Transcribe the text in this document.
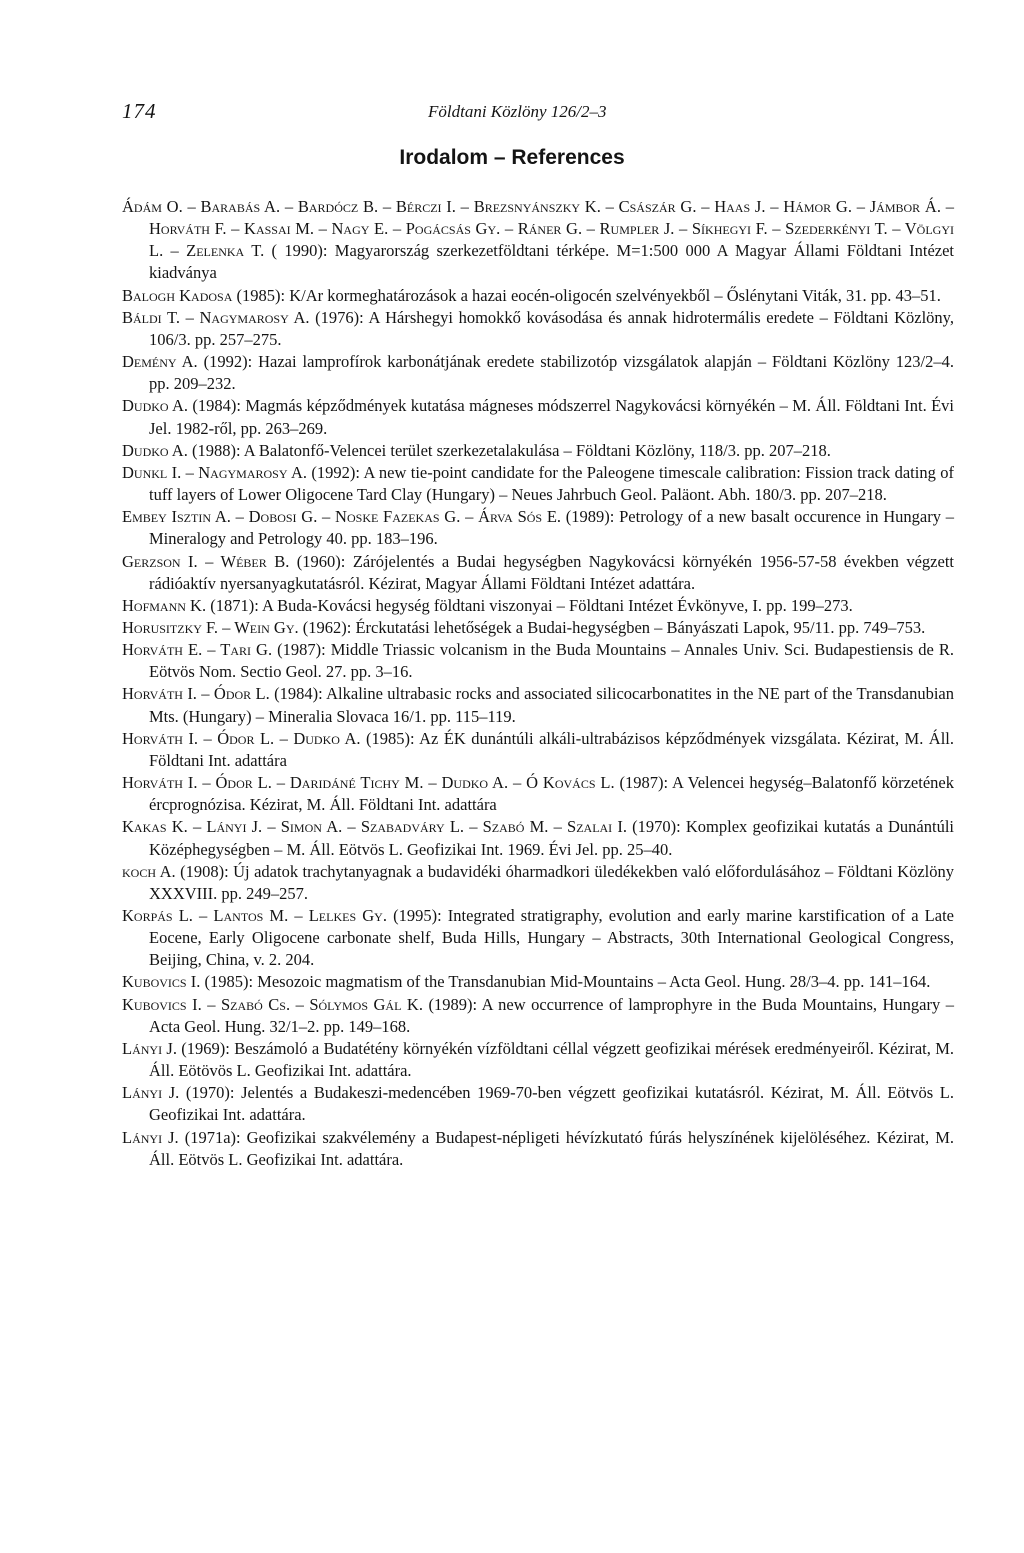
174	Földtani Közlöny 126/2–3
Irodalom – References

Ádám O. – Barabás A. – Bardócz B. – Bérczi I. – Brezsnyánszky K. – Császár G. – Haas J. – Hámor G. – Jámbor Á. – Horváth F. – Kassai M. – Nagy E. – Pogácsás Gy. – Ráner G. – Rumpler J. – Síkhegyi F. – Szederkényi T. – Völgyi L. – Zelenka T. ( 1990): Magyarország szerkezetföldtani térképe. M=1:500 000 A Magyar Állami Földtani Intézet kiadványa

Balogh Kadosa (1985): K/Ar kormeghatározások a hazai eocén-oligocén szelvényekből – Őslénytani Viták, 31. pp. 43–51.

Báldi T. – Nagymarosy A. (1976): A Hárshegyi homokkő kovásodása és annak hidrotermális eredete – Földtani Közlöny, 106/3. pp. 257–275.

Demény A. (1992): Hazai lamprofírok karbonátjának eredete stabilizotóp vizsgálatok alapján – Földtani Közlöny 123/2–4. pp. 209–232.

Dudko A. (1984): Magmás képződmények kutatása mágneses módszerrel Nagykovácsi környékén – M. Áll. Földtani Int. Évi Jel. 1982-ről, pp. 263–269.

Dudko A. (1988): A Balatonfő-Velencei terület szerkezetalakulása – Földtani Közlöny, 118/3. pp. 207–218.

Dunkl I. – Nagymarosy A. (1992): A new tie-point candidate for the Paleogene timescale calibration: Fission track dating of tuff layers of Lower Oligocene Tard Clay (Hungary) – Neues Jahrbuch Geol. Paläont. Abh. 180/3. pp. 207–218.

Embey Isztin A. – Dobosi G. – Noske Fazekas G. – Árva Sós E. (1989): Petrology of a new basalt occurence in Hungary – Mineralogy and Petrology 40. pp. 183–196.

Gerzson I. – Wéber B. (1960): Zárójelentés a Budai hegységben Nagykovácsi környékén 1956-57-58 években végzett rádióaktív nyersanyagkutatásról. Kézirat, Magyar Állami Földtani Intézet adattára.

Hofmann K. (1871): A Buda-Kovácsi hegység földtani viszonyai – Földtani Intézet Évkönyve, I. pp. 199–273.

Horusitzky F. – Wein Gy. (1962): Érckutatási lehetőségek a Budai-hegységben – Bányászati Lapok, 95/11. pp. 749–753.

Horváth E. – Tari G. (1987): Middle Triassic volcanism in the Buda Mountains – Annales Univ. Sci. Budapestiensis de R. Eötvös Nom. Sectio Geol. 27. pp. 3–16.

Horváth I. – Ódor L. (1984): Alkaline ultrabasic rocks and associated silicocarbonatites in the NE part of the Transdanubian Mts. (Hungary) – Mineralia Slovaca 16/1. pp. 115–119.

Horváth I. – Ódor L. – Dudko A. (1985): Az ÉK dunántúli alkáli-ultrabázisos képződmények vizsgálata. Kézirat, M. Áll. Földtani Int. adattára

Horváth I. – Ódor L. – Daridáné Tichy M. – Dudko A. – Ó Kovács L. (1987): A Velencei hegység–Balatonfő körzetének ércprognózisa. Kézirat, M. Áll. Földtani Int. adattára

Kakas K. – Lányi J. – Simon A. – Szabadváry L. – Szabó M. – Szalai I. (1970): Komplex geofizikai kutatás a Dunántúli Középhegységben – M. Áll. Eötvös L. Geofizikai Int. 1969. Évi Jel. pp. 25–40.

koch A. (1908): Új adatok trachytanyagnak a budavidéki óharmadkori üledékekben való előfordulásához – Földtani Közlöny XXXVIII. pp. 249–257.

Korpás L. – Lantos M. – Lelkes Gy. (1995): Integrated stratigraphy, evolution and early marine karstification of a Late Eocene, Early Oligocene carbonate shelf, Buda Hills, Hungary – Abstracts, 30th International Geological Congress, Beijing, China, v. 2. 204.

Kubovics I. (1985): Mesozoic magmatism of the Transdanubian Mid-Mountains – Acta Geol. Hung. 28/3–4. pp. 141–164.

Kubovics I. – Szabó Cs. – Sólymos Gál K. (1989): A new occurrence of lamprophyre in the Buda Mountains, Hungary – Acta Geol. Hung. 32/1–2. pp. 149–168.

Lányi J. (1969): Beszámoló a Budatétény környékén vízföldtani céllal végzett geofizikai mérések eredményeiről. Kézirat, M. Áll. Eötövös L. Geofizikai Int. adattára.

Lányi J. (1970): Jelentés a Budakeszi-medencében 1969-70-ben végzett geofizikai kutatásról. Kézirat, M. Áll. Eötvös L. Geofizikai Int. adattára.

Lányi J. (1971a): Geofizikai szakvélemény a Budapest-népligeti hévízkutató fúrás helyszínének kijelöléséhez. Kézirat, M. Áll. Eötvös L. Geofizikai Int. adattára.
